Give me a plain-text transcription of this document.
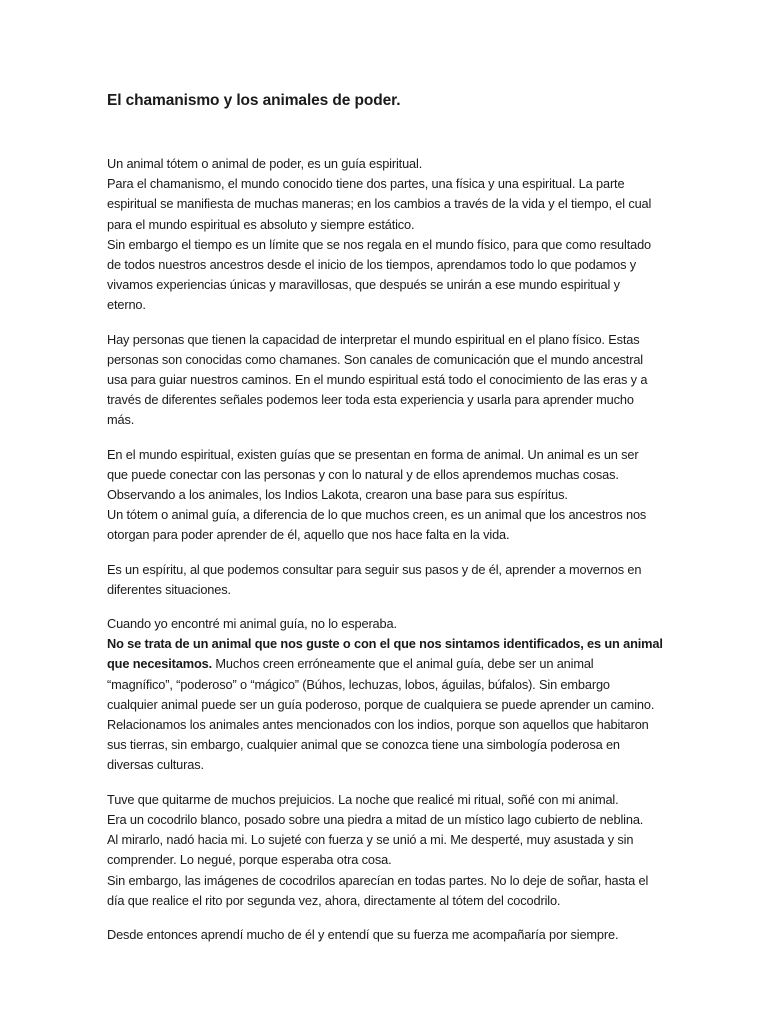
El chamanismo y los animales de poder.

Un animal tótem o animal de poder, es un guía espiritual.
Para el chamanismo, el mundo conocido tiene dos partes, una física y una espiritual. La parte
espiritual se manifiesta de muchas maneras; en los cambios a través de la vida y el tiempo, el cual
para el mundo espiritual es absoluto y siempre estático.
Sin embargo el tiempo es un límite que se nos regala en el mundo físico, para que como resultado
de todos nuestros ancestros desde el inicio de los tiempos, aprendamos todo lo que podamos y
vivamos experiencias únicas y maravillosas, que después se unirán a ese mundo espiritual y
eterno.

Hay personas que tienen la capacidad de interpretar el mundo espiritual en el plano físico. Estas
personas son conocidas como chamanes. Son canales de comunicación que el mundo ancestral
usa para guiar nuestros caminos. En el mundo espiritual está todo el conocimiento de las eras y a
través de diferentes señales podemos leer toda esta experiencia y usarla para aprender mucho
más.

En el mundo espiritual, existen guías que se presentan en forma de animal. Un animal es un ser
que puede conectar con las personas y con lo natural y de ellos aprendemos muchas cosas.
Observando a los animales, los Indios Lakota, crearon una base para sus espíritus.
Un tótem o animal guía, a diferencia de lo que muchos creen, es un animal que los ancestros nos
otorgan para poder aprender de él, aquello que nos hace falta en la vida.

Es un espíritu, al que podemos consultar para seguir sus pasos y de él, aprender a movernos en
diferentes situaciones.

Cuando yo encontré mi animal guía, no lo esperaba.
No se trata de un animal que nos guste o con el que nos sintamos identificados, es un animal
que necesitamos. Muchos creen erróneamente que el animal guía, debe ser un animal
“magnífico”, “poderoso” o “mágico” (Búhos, lechuzas, lobos, águilas, búfalos). Sin embargo
cualquier animal puede ser un guía poderoso, porque de cualquiera se puede aprender un camino.
Relacionamos los animales antes mencionados con los indios, porque son aquellos que habitaron
sus tierras, sin embargo, cualquier animal que se conozca tiene una simbología poderosa en
diversas culturas.

Tuve que quitarme de muchos prejuicios. La noche que realicé mi ritual, soñé con mi animal.
Era un cocodrilo blanco, posado sobre una piedra a mitad de un místico lago cubierto de neblina.
Al mirarlo, nadó hacia mi. Lo sujeté con fuerza y se unió a mi. Me desperté, muy asustada y sin
comprender. Lo negué, porque esperaba otra cosa.
Sin embargo, las imágenes de cocodrilos aparecían en todas partes. No lo deje de soñar, hasta el
día que realice el rito por segunda vez, ahora, directamente al tótem del cocodrilo.

Desde entonces aprendí mucho de él y entendí que su fuerza me acompañaría por siempre.
